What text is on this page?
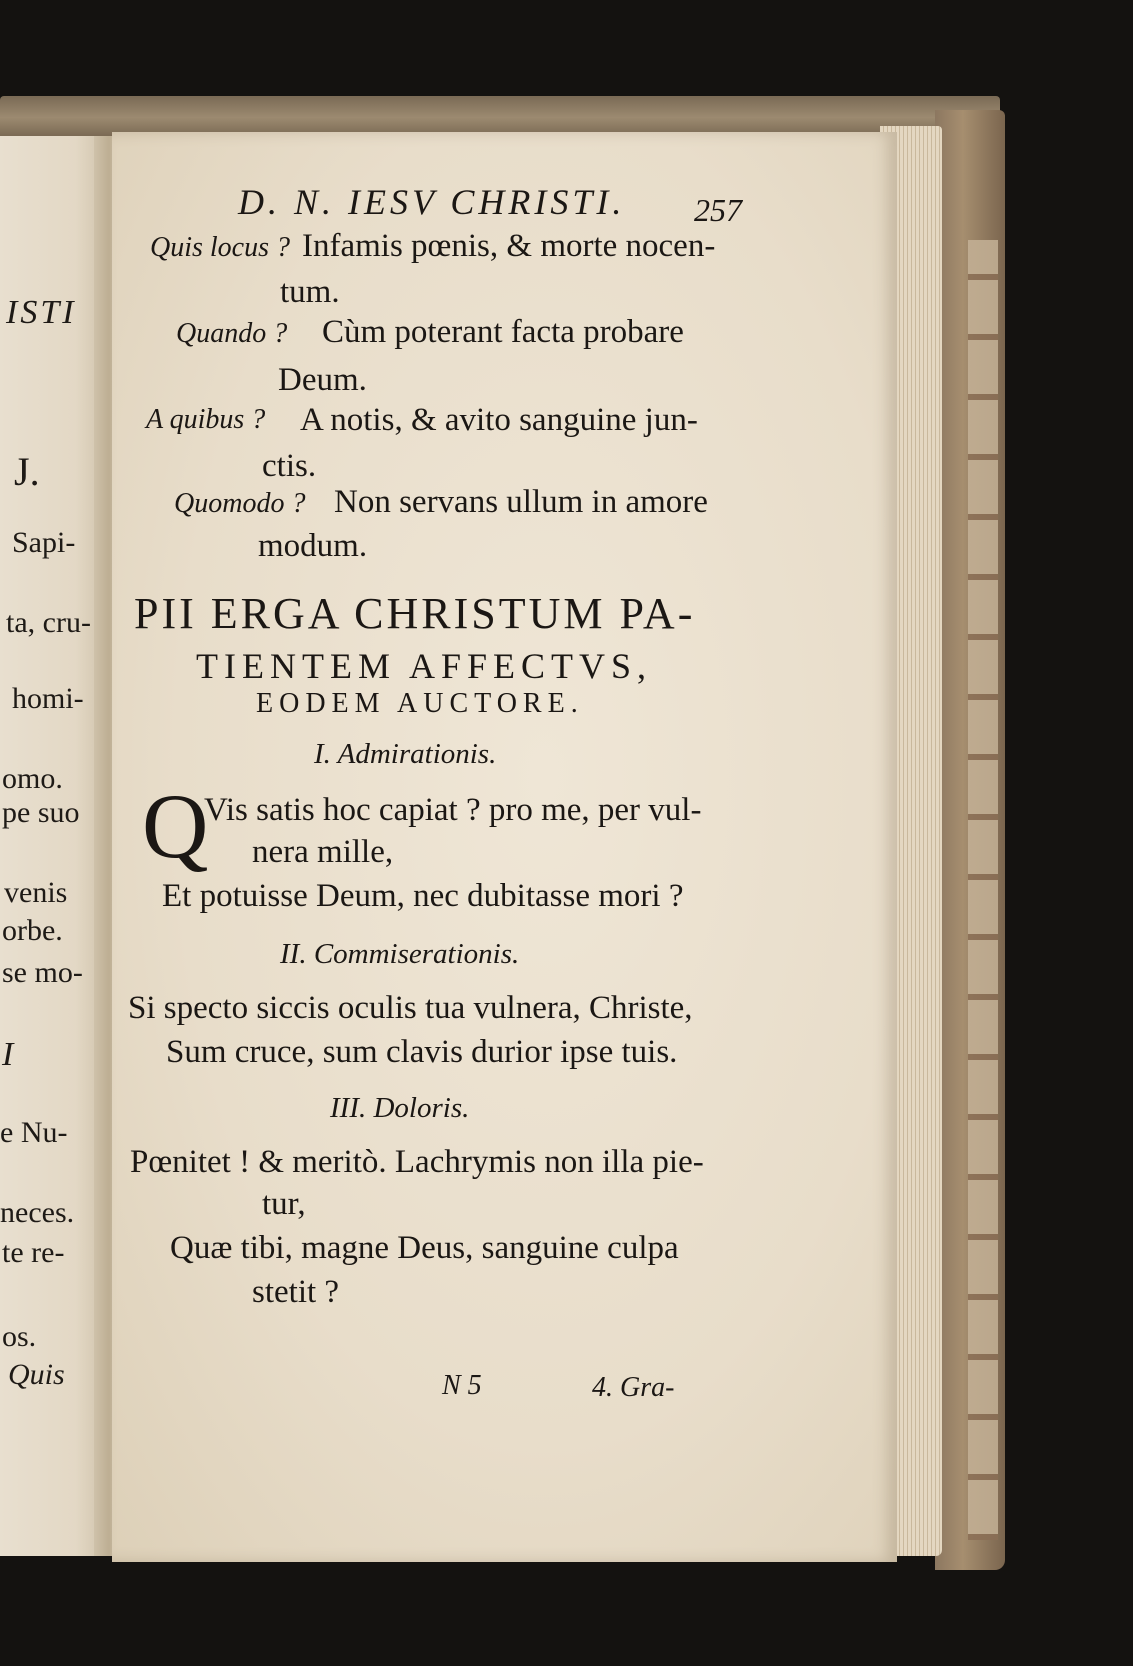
ISTI
J.
Sapi-
ta, cru-
homi-
omo.
pe suo
venis
orbe.
se mo-
I
e Nu-
neces.
te re-
os.
Quis
D. N. IESV CHRISTI. 257
Quis locus ? Infamis pœnis, & morte nocen-
tum.
Quando ? Cùm poterant facta probare
Deum.
A quibus ? A notis, & avito sanguine jun-
ctis.
Quomodo ? Non servans ullum in amore
modum.
PII ERGA CHRISTUM PA-
TIENTEM AFFECTVS,
EODEM AUCTORE.
I. Admirationis.
Q
Vis satis hoc capiat ? pro me, per vul-
nera mille,
Et potuisse Deum, nec dubitasse mori ?
II. Commiserationis.
Si specto siccis oculis tua vulnera, Christe,
Sum cruce, sum clavis durior ipse tuis.
III. Doloris.
Pœnitet ! & meritò. Lachrymis non illa pie-
tur,
Quæ tibi, magne Deus, sanguine culpa
stetit ?
N 5	4. Gra-
